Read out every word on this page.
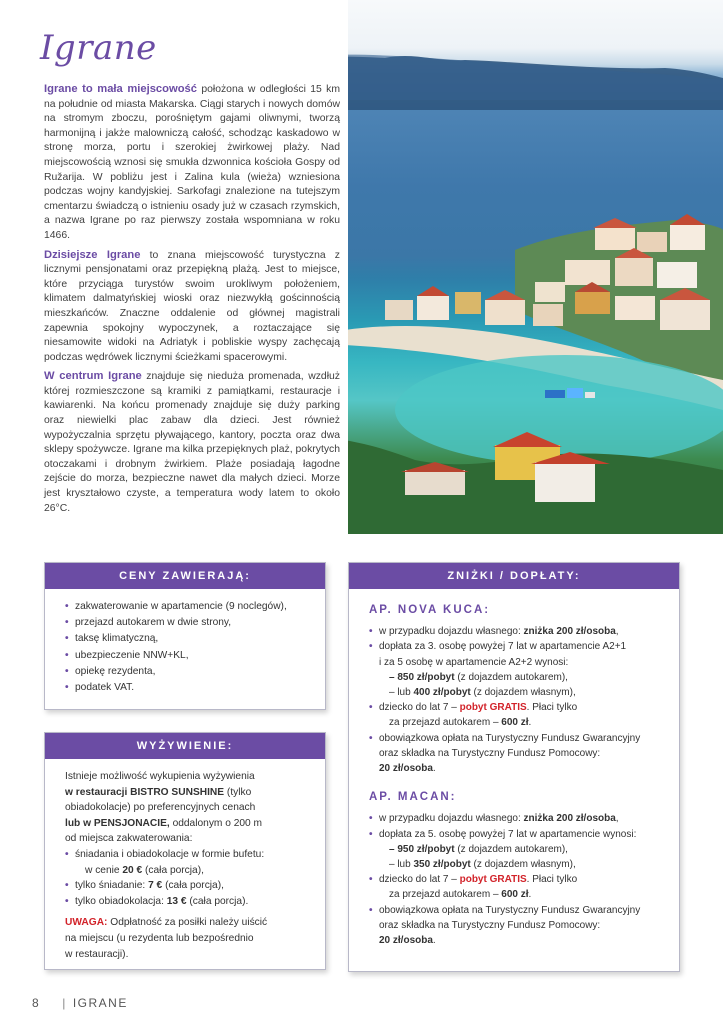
Igrane

Igrane to mała miejscowość położona w odległości 15 km na południe od miasta Makarska. Ciągi starych i nowych domów na stromym zboczu, porośniętym gajami oliwnymi, tworzą harmonijną i jakże malowniczą całość, schodząc kaskadowo w stronę morza, portu i szerokiej żwirkowej plaży. Nad miejscowością wznosi się smukła dzwonnica kościoła Gospy od Ružarija. W pobliżu jest i Zalina kula (wieża) wzniesiona podczas wojny kandyjskiej. Sarkofagi znalezione na tutejszym cmentarzu świadczą o istnieniu osady już w czasach rzymskich, a nazwa Igrane po raz pierwszy została wspomniana w roku 1466.

Dzisiejsze Igrane to znana miejscowość turystyczna z licznymi pensjonatami oraz przepiękną plażą. Jest to miejsce, które przyciąga turystów swoim urokliwym położeniem, klimatem dalmatyńskiej wioski oraz niezwykłą gościnnością mieszkańców. Znaczne oddalenie od głównej magistrali zapewnia spokojny wypoczynek, a roztaczające się niesamowite widoki na Adriatyk i pobliskie wyspy zachęcają podczas wędrówek licznymi ścieżkami spacerowymi.

W centrum Igrane znajduje się nieduża promenada, wzdłuż której rozmieszczone są kramiki z pamiątkami, restauracje i kawiarenki. Na końcu promenady znajduje się duży parking oraz niewielki plac zabaw dla dzieci. Jest również wypożyczalnia sprzętu pływającego, kantory, poczta oraz dwa sklepy spożywcze. Igrane ma kilka przepięknych plaż, pokrytych otoczakami i drobnym żwirkiem. Plaże posiadają łagodne zejście do morza, bezpieczne nawet dla małych dzieci. Morze jest kryształowo czyste, a temperatura wody latem to około 26°C.

CENY ZAWIERAJĄ:
• zakwaterowanie w apartamencie (9 noclegów),
• przejazd autokarem w dwie strony,
• taksę klimatyczną,
• ubezpieczenie NNW+KL,
• opiekę rezydenta,
• podatek VAT.
WYŻYWIENIE:
Istnieje możliwość wykupienia wyżywienia
w restauracji BISTRO SUNSHINE (tylko
obiadokolacje) po preferencyjnych cenach
lub w PENSJONACIE, oddalonym o 200 m
od miejsca zakwaterowania:
• śniadania i obiadokolacje w formie bufetu:
w cenie 20 € (cała porcja),
• tylko śniadanie: 7 € (cała porcja),
• tylko obiadokolacja: 13 € (cała porcja).
UWAGA: Odpłatność za posiłki należy uiścić
na miejscu (u rezydenta lub bezpośrednio
w restauracji).
ZNIŻKI / DOPŁATY:
AP. NOVA KUCA:
• w przypadku dojazdu własnego: zniżka 200 zł/osoba,
• dopłata za 3. osobę powyżej 7 lat w apartamencie A2+1
i za 5 osobę w apartamencie A2+2 wynosi:
– 850 zł/pobyt (z dojazdem autokarem),
– lub 400 zł/pobyt (z dojazdem własnym),
• dziecko do lat 7 – pobyt GRATIS. Płaci tylko
za przejazd autokarem – 600 zł.
• obowiązkowa opłata na Turystyczny Fundusz Gwarancyjny
oraz składka na Turystyczny Fundusz Pomocowy:
20 zł/osoba.
AP. MACAN:
• w przypadku dojazdu własnego: zniżka 200 zł/osoba,
• dopłata za 5. osobę powyżej 7 lat w apartamencie wynosi:
– 950 zł/pobyt (z dojazdem autokarem),
– lub 350 zł/pobyt (z dojazdem własnym),
• dziecko do lat 7 – pobyt GRATIS. Płaci tylko
za przejazd autokarem – 600 zł.
• obowiązkowa opłata na Turystyczny Fundusz Gwarancyjny
oraz składka na Turystyczny Fundusz Pomocowy:
20 zł/osoba.
8 | IGRANE
